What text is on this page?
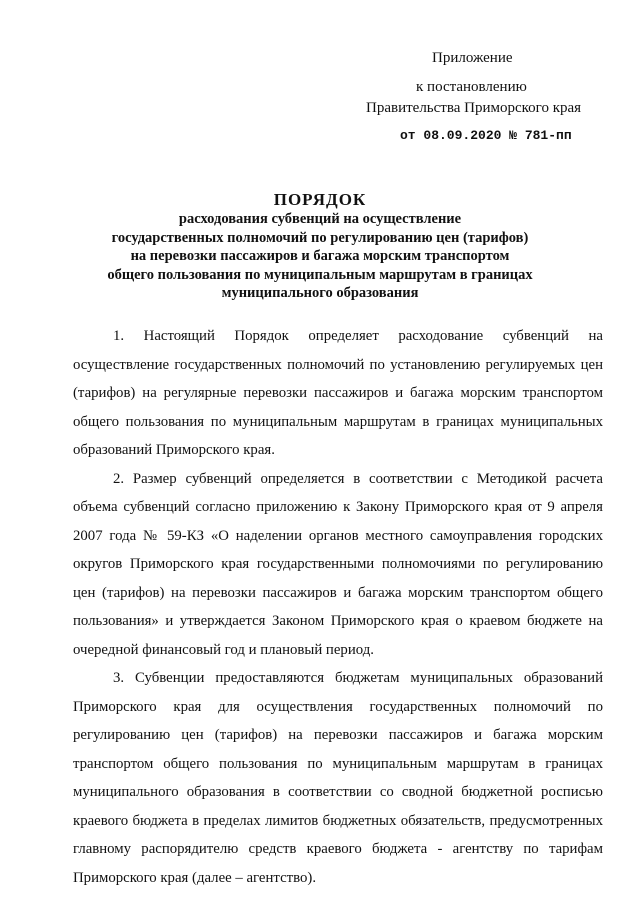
Приложение
к постановлению
Правительства Приморского края
от 08.09.2020 № 781-пп
ПОРЯДОК
расходования субвенций на осуществление
государственных полномочий по регулированию цен (тарифов)
на перевозки пассажиров и багажа морским транспортом
общего пользования по муниципальным маршрутам в границах
муниципального образования

1. Настоящий Порядок определяет расходование субвенций на осуществление государственных полномочий по установлению регулируемых цен (тарифов) на регулярные перевозки пассажиров и багажа морским транспортом общего пользования по муниципальным маршрутам в границах муниципальных образований Приморского края.

2. Размер субвенций определяется в соответствии с Методикой расчета объема субвенций согласно приложению к Закону Приморского края от 9 апреля 2007 года № 59-КЗ «О наделении органов местного самоуправления городских округов Приморского края государственными полномочиями по регулированию цен (тарифов) на перевозки пассажиров и багажа морским транспортом общего пользования» и утверждается Законом Приморского края о краевом бюджете на очередной финансовый год и плановый период.

3. Субвенции предоставляются бюджетам муниципальных образований Приморского края для осуществления государственных полномочий по регулированию цен (тарифов) на перевозки пассажиров и багажа морским транспортом общего пользования по муниципальным маршрутам в границах муниципального образования в соответствии со сводной бюджетной росписью краевого бюджета в пределах лимитов бюджетных обязательств, предусмотренных главному распорядителю средств краевого бюджета - агентству по тарифам Приморского края (далее – агентство).
